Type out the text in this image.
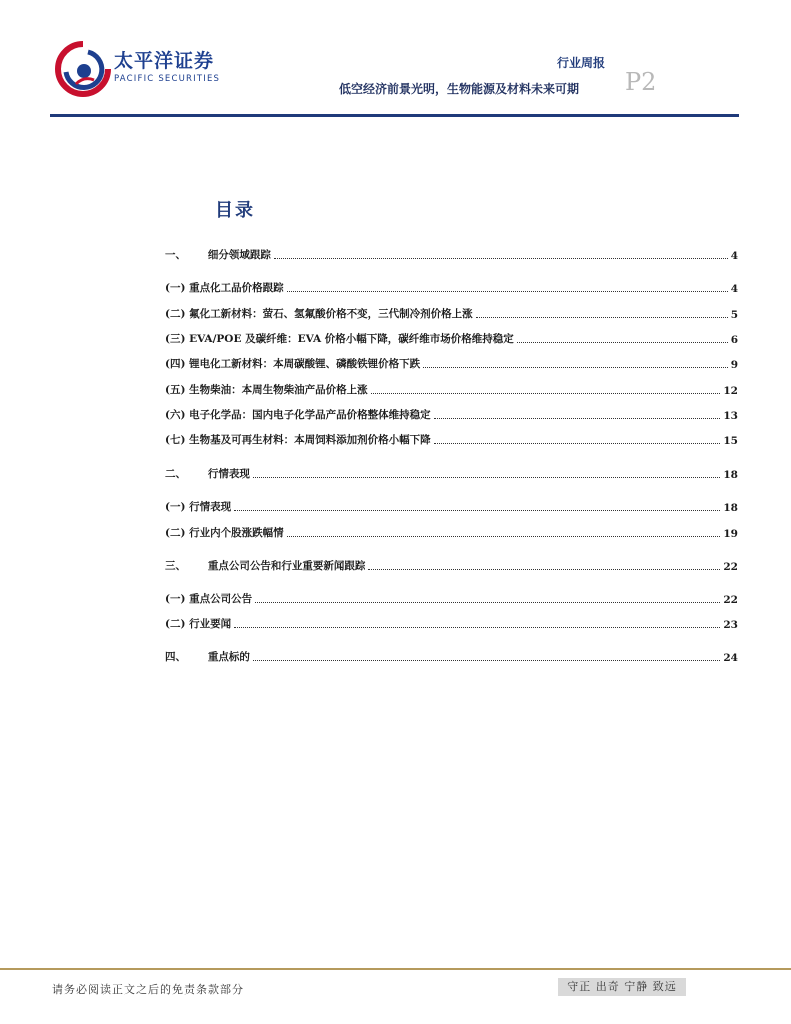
太平洋证券
PACIFIC SECURITIES
行业周报
低空经济前景光明，生物能源及材料未来可期 P2
目录
一、      细分领域跟踪	4
(一) 重点化工品价格跟踪	4
(二) 氟化工新材料：萤石、氢氟酸价格不变，三代制冷剂价格上涨	5
(三) EVA/POE 及碳纤维：EVA 价格小幅下降，碳纤维市场价格维持稳定	6
(四) 锂电化工新材料：本周碳酸锂、磷酸铁锂价格下跌	9
(五) 生物柴油：本周生物柴油产品价格上涨	12
(六) 电子化学品：国内电子化学品产品价格整体维持稳定	13
(七) 生物基及可再生材料：本周饲料添加剂价格小幅下降	15
二、      行情表现	18
(一) 行情表现	18
(二) 行业内个股涨跌幅情	19
三、      重点公司公告和行业重要新闻跟踪	22
(一) 重点公司公告	22
(二) 行业要闻	23
四、      重点标的	24
请务必阅读正文之后的免责条款部分	守正 出奇 宁静 致远
